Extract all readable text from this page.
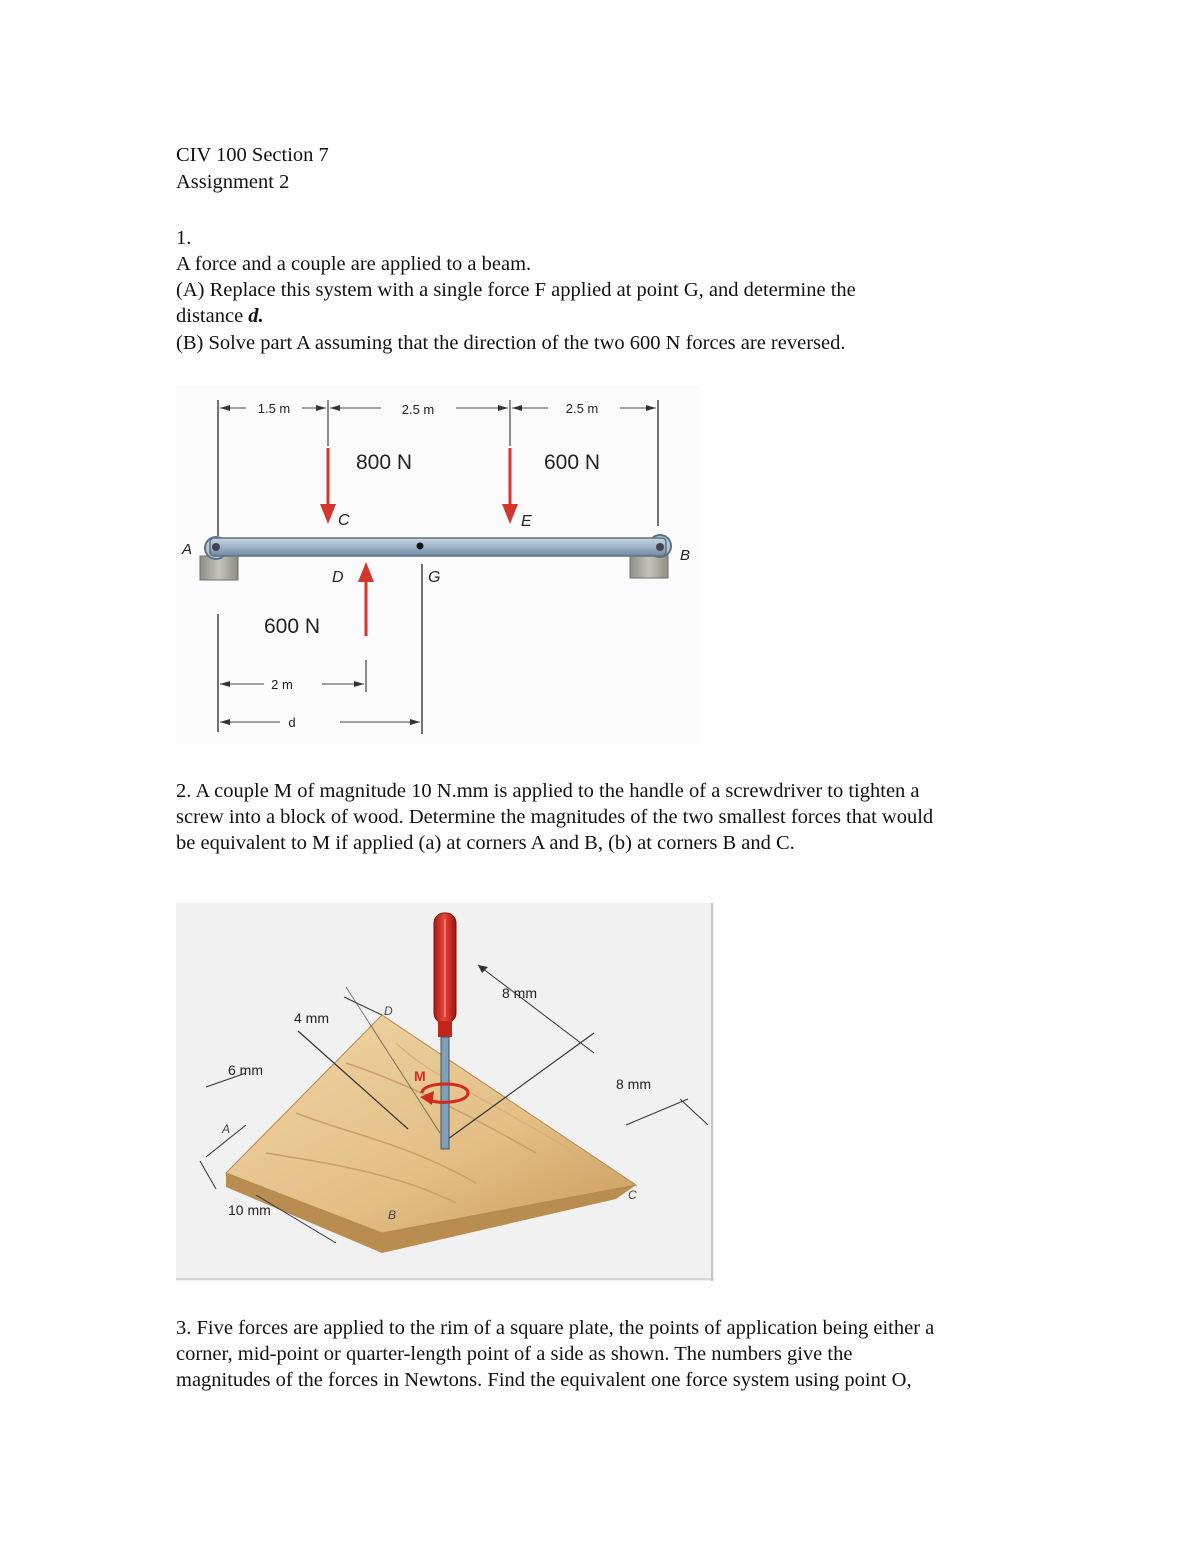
CIV 100 Section 7
Assignment 2
1.
A force and a couple are applied to a beam.
(A) Replace this system with a single force F applied at point G, and determine the
distance d.
(B) Solve part A assuming that the direction of the two 600 N forces are reversed.
1.5 m	2.5 m	2.5 m
800 N
C
600 N
E
A	B
D
600 N
G
2 m
d
2. A couple M of magnitude 10 N.mm is applied to the handle of a screwdriver to tighten a
screw into a block of wood. Determine the magnitudes of the two smallest forces that would
be equivalent to M if applied (a) at corners A and B, (b) at corners B and C.
M
8 mm
4 mm
6 mm
8 mm
10 mm
A
B
C
D
3. Five forces are applied to the rim of a square plate, the points of application being either a
corner, mid-point or quarter-length point of a side as shown. The numbers give the
magnitudes of the forces in Newtons. Find the equivalent one force system using point O,
